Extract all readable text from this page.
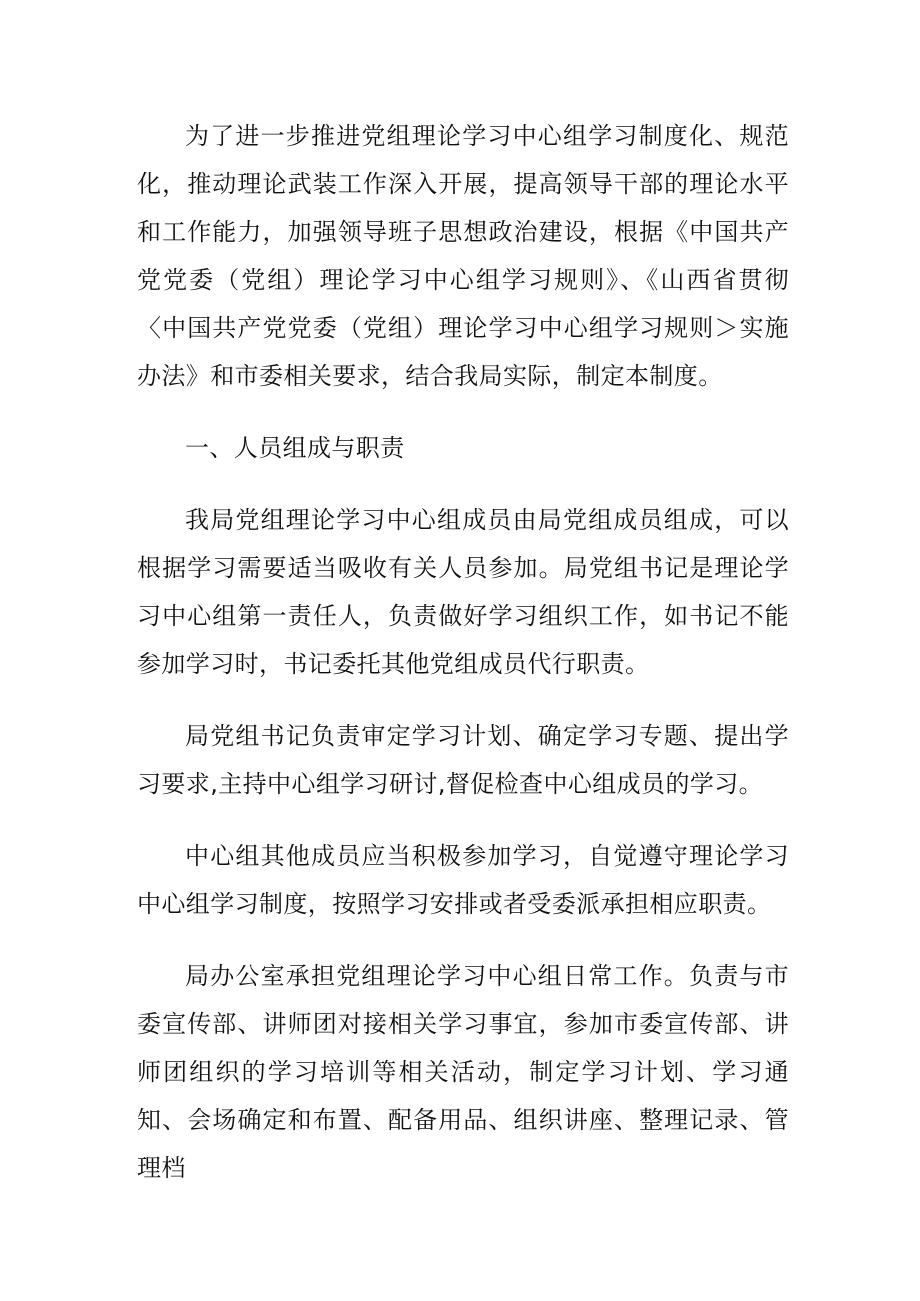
为了进一步推进党组理论学习中心组学习制度化、规范化，推动理论武装工作深入开展，提高领导干部的理论水平和工作能力，加强领导班子思想政治建设，根据《中国共产党党委（党组）理论学习中心组学习规则》、《山西省贯彻〈中国共产党党委（党组）理论学习中心组学习规则＞实施办法》和市委相关要求，结合我局实际，制定本制度。

一、人员组成与职责

我局党组理论学习中心组成员由局党组成员组成，可以根据学习需要适当吸收有关人员参加。局党组书记是理论学习中心组第一责任人，负责做好学习组织工作，如书记不能参加学习时，书记委托其他党组成员代行职责。

局党组书记负责审定学习计划、确定学习专题、提出学习要求,主持中心组学习研讨,督促检查中心组成员的学习。

中心组其他成员应当积极参加学习，自觉遵守理论学习中心组学习制度，按照学习安排或者受委派承担相应职责。

局办公室承担党组理论学习中心组日常工作。负责与市委宣传部、讲师团对接相关学习事宜，参加市委宣传部、讲师团组织的学习培训等相关活动，制定学习计划、学习通知、会场确定和布置、配备用品、组织讲座、整理记录、管理档
